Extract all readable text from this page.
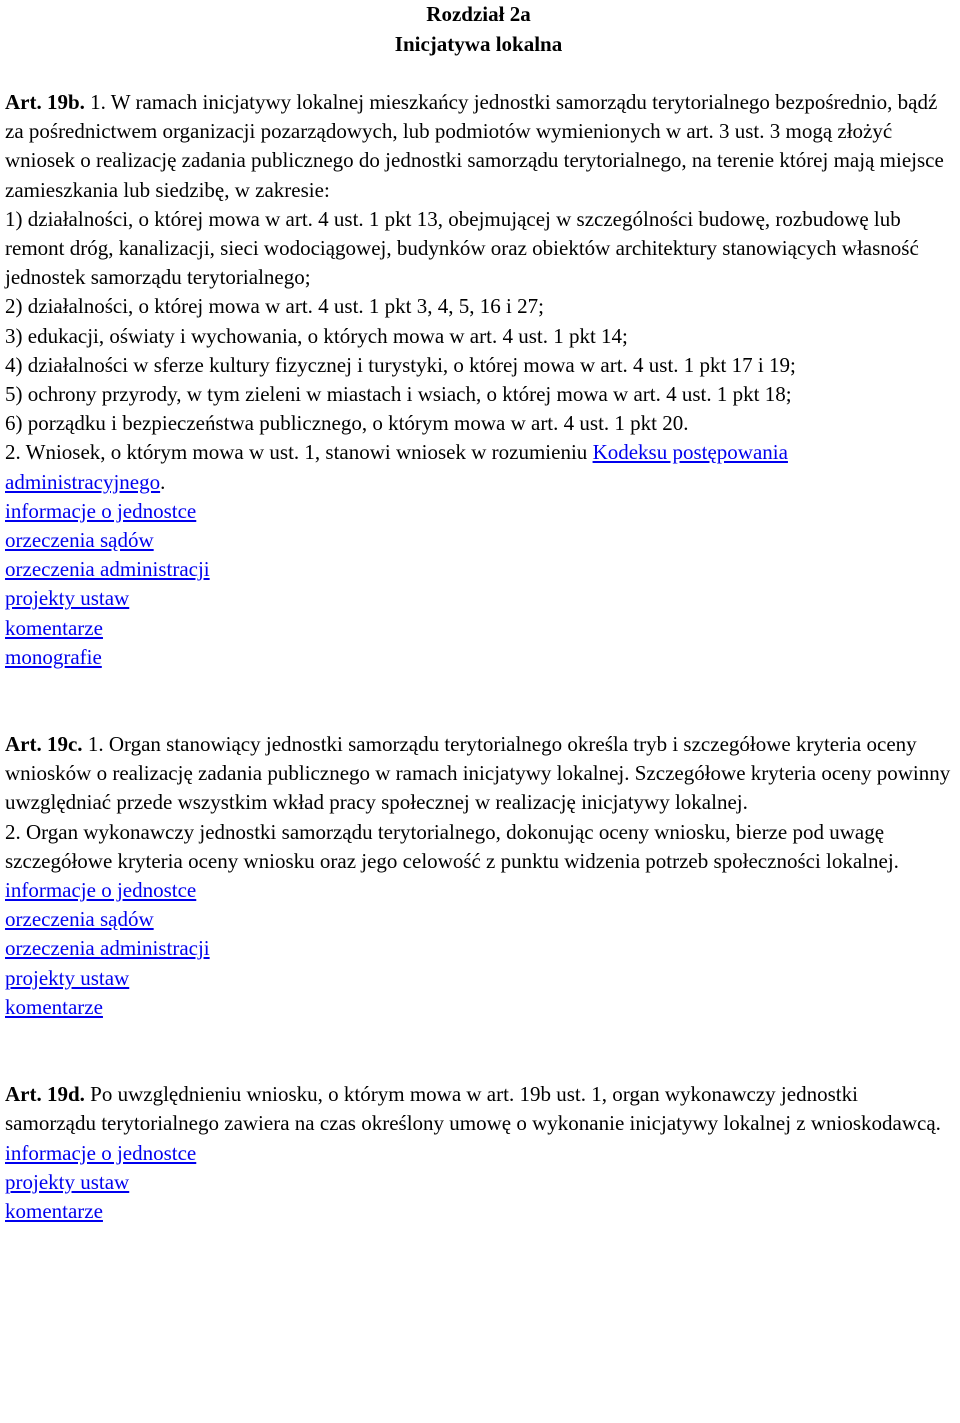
Rozdział 2a
Inicjatywa lokalna

Art. 19b. 1. W ramach inicjatywy lokalnej mieszkańcy jednostki samorządu terytorialnego bezpośrednio, bądź za pośrednictwem organizacji pozarządowych, lub podmiotów wymienionych w art. 3 ust. 3 mogą złożyć wniosek o realizację zadania publicznego do jednostki samorządu terytorialnego, na terenie której mają miejsce zamieszkania lub siedzibę, w zakresie:

1) działalności, o której mowa w art. 4 ust. 1 pkt 13, obejmującej w szczególności budowę, rozbudowę lub remont dróg, kanalizacji, sieci wodociągowej, budynków oraz obiektów architektury stanowiących własność jednostek samorządu terytorialnego;

2) działalności, o której mowa w art. 4 ust. 1 pkt 3, 4, 5, 16 i 27;

3) edukacji, oświaty i wychowania, o których mowa w art. 4 ust. 1 pkt 14;

4) działalności w sferze kultury fizycznej i turystyki, o której mowa w art. 4 ust. 1 pkt 17 i 19;

5) ochrony przyrody, w tym zieleni w miastach i wsiach, o której mowa w art. 4 ust. 1 pkt 18;

6) porządku i bezpieczeństwa publicznego, o którym mowa w art. 4 ust. 1 pkt 20.

2. Wniosek, o którym mowa w ust. 1, stanowi wniosek w rozumieniu Kodeksu postępowania administracyjnego.

informacje o jednostce
orzeczenia sądów
orzeczenia administracji
projekty ustaw
komentarze
monografie

Art. 19c. 1. Organ stanowiący jednostki samorządu terytorialnego określa tryb i szczegółowe kryteria oceny wniosków o realizację zadania publicznego w ramach inicjatywy lokalnej. Szczegółowe kryteria oceny powinny uwzględniać przede wszystkim wkład pracy społecznej w realizację inicjatywy lokalnej.

2. Organ wykonawczy jednostki samorządu terytorialnego, dokonując oceny wniosku, bierze pod uwagę szczegółowe kryteria oceny wniosku oraz jego celowość z punktu widzenia potrzeb społeczności lokalnej.

informacje o jednostce
orzeczenia sądów
orzeczenia administracji
projekty ustaw
komentarze

Art. 19d. Po uwzględnieniu wniosku, o którym mowa w art. 19b ust. 1, organ wykonawczy jednostki samorządu terytorialnego zawiera na czas określony umowę o wykonanie inicjatywy lokalnej z wnioskodawcą.

informacje o jednostce
projekty ustaw
komentarze
